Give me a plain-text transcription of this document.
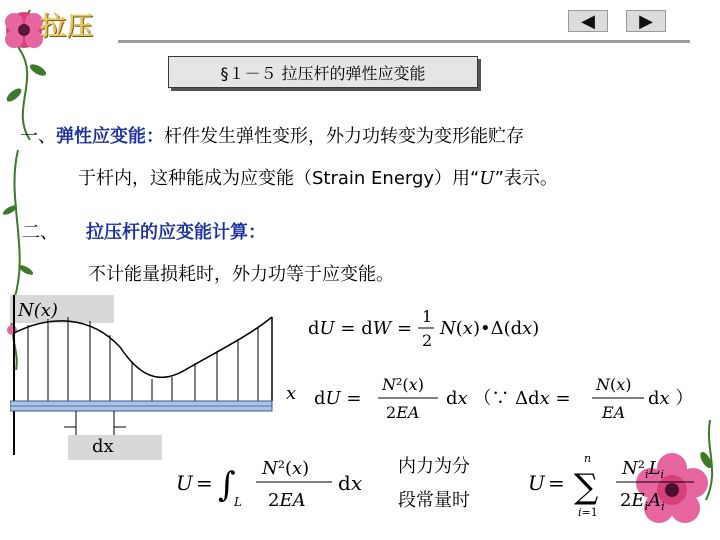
拉压	◀ ▶
§１－５ 拉压杆的弹性应变能
一、弹性应变能：杆件发生弹性变形，外力功转变为变形能贮存
于杆内，这种能成为应变能（Strain Energy）用“U”表示。
二、 拉压杆的应变能计算：
不计能量损耗时，外力功等于应变能。
N(x)
x
dx
dU = dW =
1
2
N(x)•Δ(dx)
dU =
N²(x)
2EA
dx （∵ Δdx =
N(x)
EA
dx ）
U = ∫
L
N²(x)
2EA
dx
内力为分
段常量时
U = ∑
n
i=1
$N^2_iL_i$
$2E_iA_i$
